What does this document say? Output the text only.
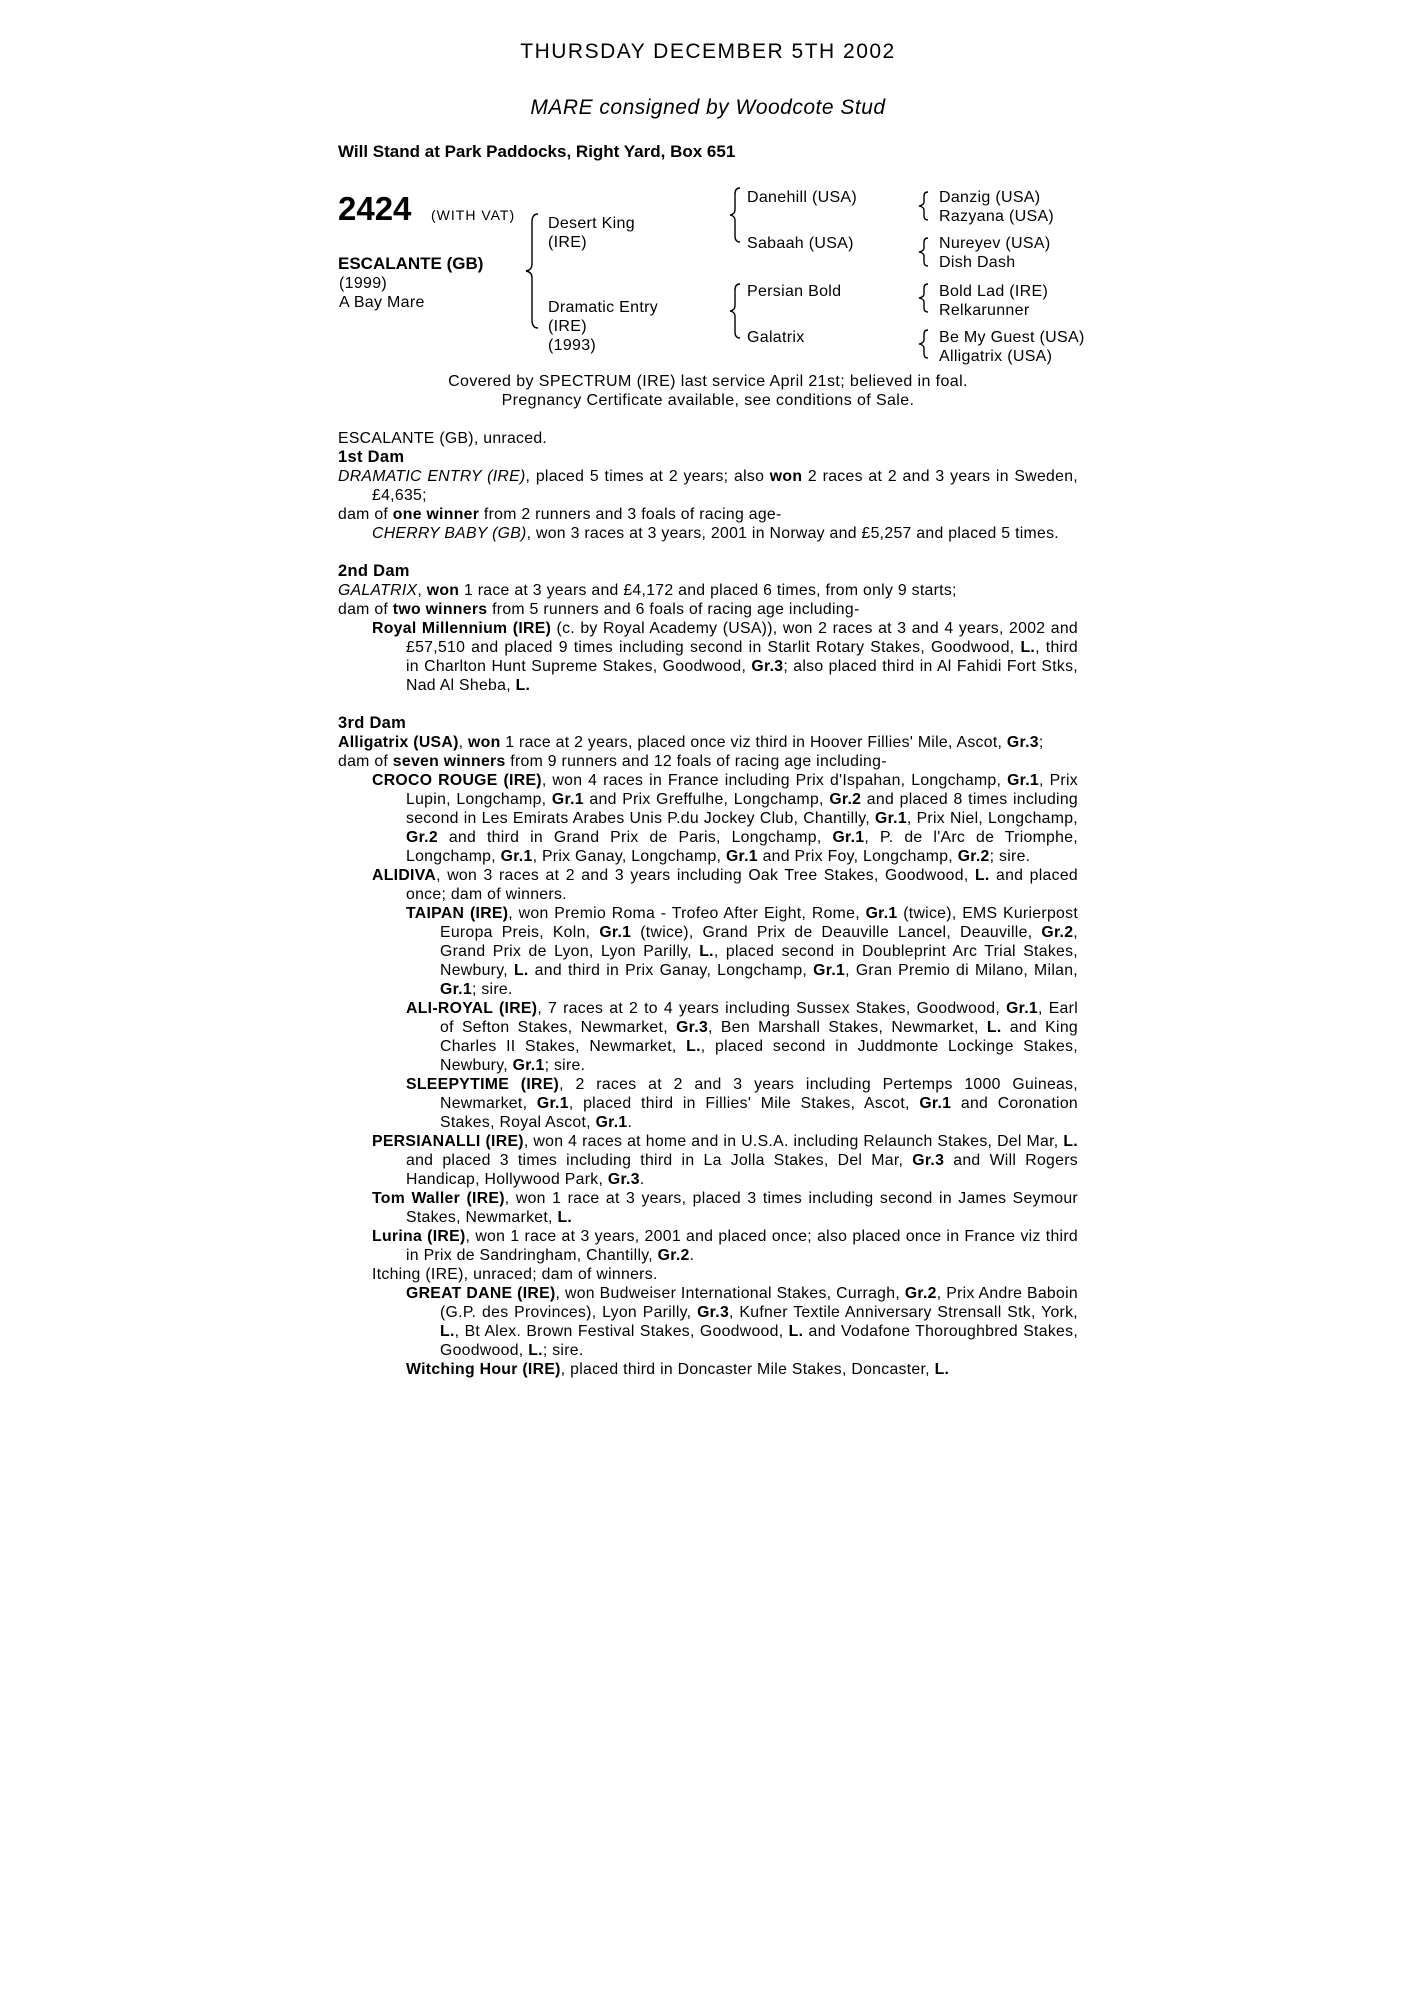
THURSDAY DECEMBER 5TH 2002
MARE consigned by Woodcote Stud
Will Stand at Park Paddocks, Right Yard, Box 651
2424 (WITH VAT)
ESCALANTE (GB)
(1999)
A Bay Mare
Desert King
(IRE)
Dramatic Entry
(IRE)
(1993)
Danehill (USA)
Sabaah (USA)
Persian Bold
Galatrix
Danzig (USA)
Razyana (USA)
Nureyev (USA)
Dish Dash
Bold Lad (IRE)
Relkarunner
Be My Guest (USA)
Alligatrix (USA)
Covered by SPECTRUM (IRE) last service April 21st; believed in foal.
Pregnancy Certificate available, see conditions of Sale.

ESCALANTE (GB), unraced.

1st Dam

DRAMATIC ENTRY (IRE), placed 5 times at 2 years; also won 2 races at 2 and 3 years in Sweden, £4,635;

dam of one winner from 2 runners and 3 foals of racing age-

CHERRY BABY (GB), won 3 races at 3 years, 2001 in Norway and £5,257 and placed 5 times.

2nd Dam

GALATRIX, won 1 race at 3 years and £4,172 and placed 6 times, from only 9 starts;

dam of two winners from 5 runners and 6 foals of racing age including-

Royal Millennium (IRE) (c. by Royal Academy (USA)), won 2 races at 3 and 4 years, 2002 and £57,510 and placed 9 times including second in Starlit Rotary Stakes, Goodwood, L., third in Charlton Hunt Supreme Stakes, Goodwood, Gr.3; also placed third in Al Fahidi Fort Stks, Nad Al Sheba, L.

3rd Dam

Alligatrix (USA), won 1 race at 2 years, placed once viz third in Hoover Fillies' Mile, Ascot, Gr.3;

dam of seven winners from 9 runners and 12 foals of racing age including-

CROCO ROUGE (IRE), won 4 races in France including Prix d'Ispahan, Longchamp, Gr.1, Prix Lupin, Longchamp, Gr.1 and Prix Greffulhe, Longchamp, Gr.2 and placed 8 times including second in Les Emirats Arabes Unis P.du Jockey Club, Chantilly, Gr.1, Prix Niel, Longchamp, Gr.2 and third in Grand Prix de Paris, Longchamp, Gr.1, P. de l'Arc de Triomphe, Longchamp, Gr.1, Prix Ganay, Longchamp, Gr.1 and Prix Foy, Longchamp, Gr.2; sire.

ALIDIVA, won 3 races at 2 and 3 years including Oak Tree Stakes, Goodwood, L. and placed once; dam of winners.

TAIPAN (IRE), won Premio Roma - Trofeo After Eight, Rome, Gr.1 (twice), EMS Kurierpost Europa Preis, Koln, Gr.1 (twice), Grand Prix de Deauville Lancel, Deauville, Gr.2, Grand Prix de Lyon, Lyon Parilly, L., placed second in Doubleprint Arc Trial Stakes, Newbury, L. and third in Prix Ganay, Longchamp, Gr.1, Gran Premio di Milano, Milan, Gr.1; sire.

ALI-ROYAL (IRE), 7 races at 2 to 4 years including Sussex Stakes, Goodwood, Gr.1, Earl of Sefton Stakes, Newmarket, Gr.3, Ben Marshall Stakes, Newmarket, L. and King Charles II Stakes, Newmarket, L., placed second in Juddmonte Lockinge Stakes, Newbury, Gr.1; sire.

SLEEPYTIME (IRE), 2 races at 2 and 3 years including Pertemps 1000 Guineas, Newmarket, Gr.1, placed third in Fillies' Mile Stakes, Ascot, Gr.1 and Coronation Stakes, Royal Ascot, Gr.1.

PERSIANALLI (IRE), won 4 races at home and in U.S.A. including Relaunch Stakes, Del Mar, L. and placed 3 times including third in La Jolla Stakes, Del Mar, Gr.3 and Will Rogers Handicap, Hollywood Park, Gr.3.

Tom Waller (IRE), won 1 race at 3 years, placed 3 times including second in James Seymour Stakes, Newmarket, L.

Lurina (IRE), won 1 race at 3 years, 2001 and placed once; also placed once in France viz third in Prix de Sandringham, Chantilly, Gr.2.

Itching (IRE), unraced; dam of winners.

GREAT DANE (IRE), won Budweiser International Stakes, Curragh, Gr.2, Prix Andre Baboin (G.P. des Provinces), Lyon Parilly, Gr.3, Kufner Textile Anniversary Strensall Stk, York, L., Bt Alex. Brown Festival Stakes, Goodwood, L. and Vodafone Thoroughbred Stakes, Goodwood, L.; sire.

Witching Hour (IRE), placed third in Doncaster Mile Stakes, Doncaster, L.
